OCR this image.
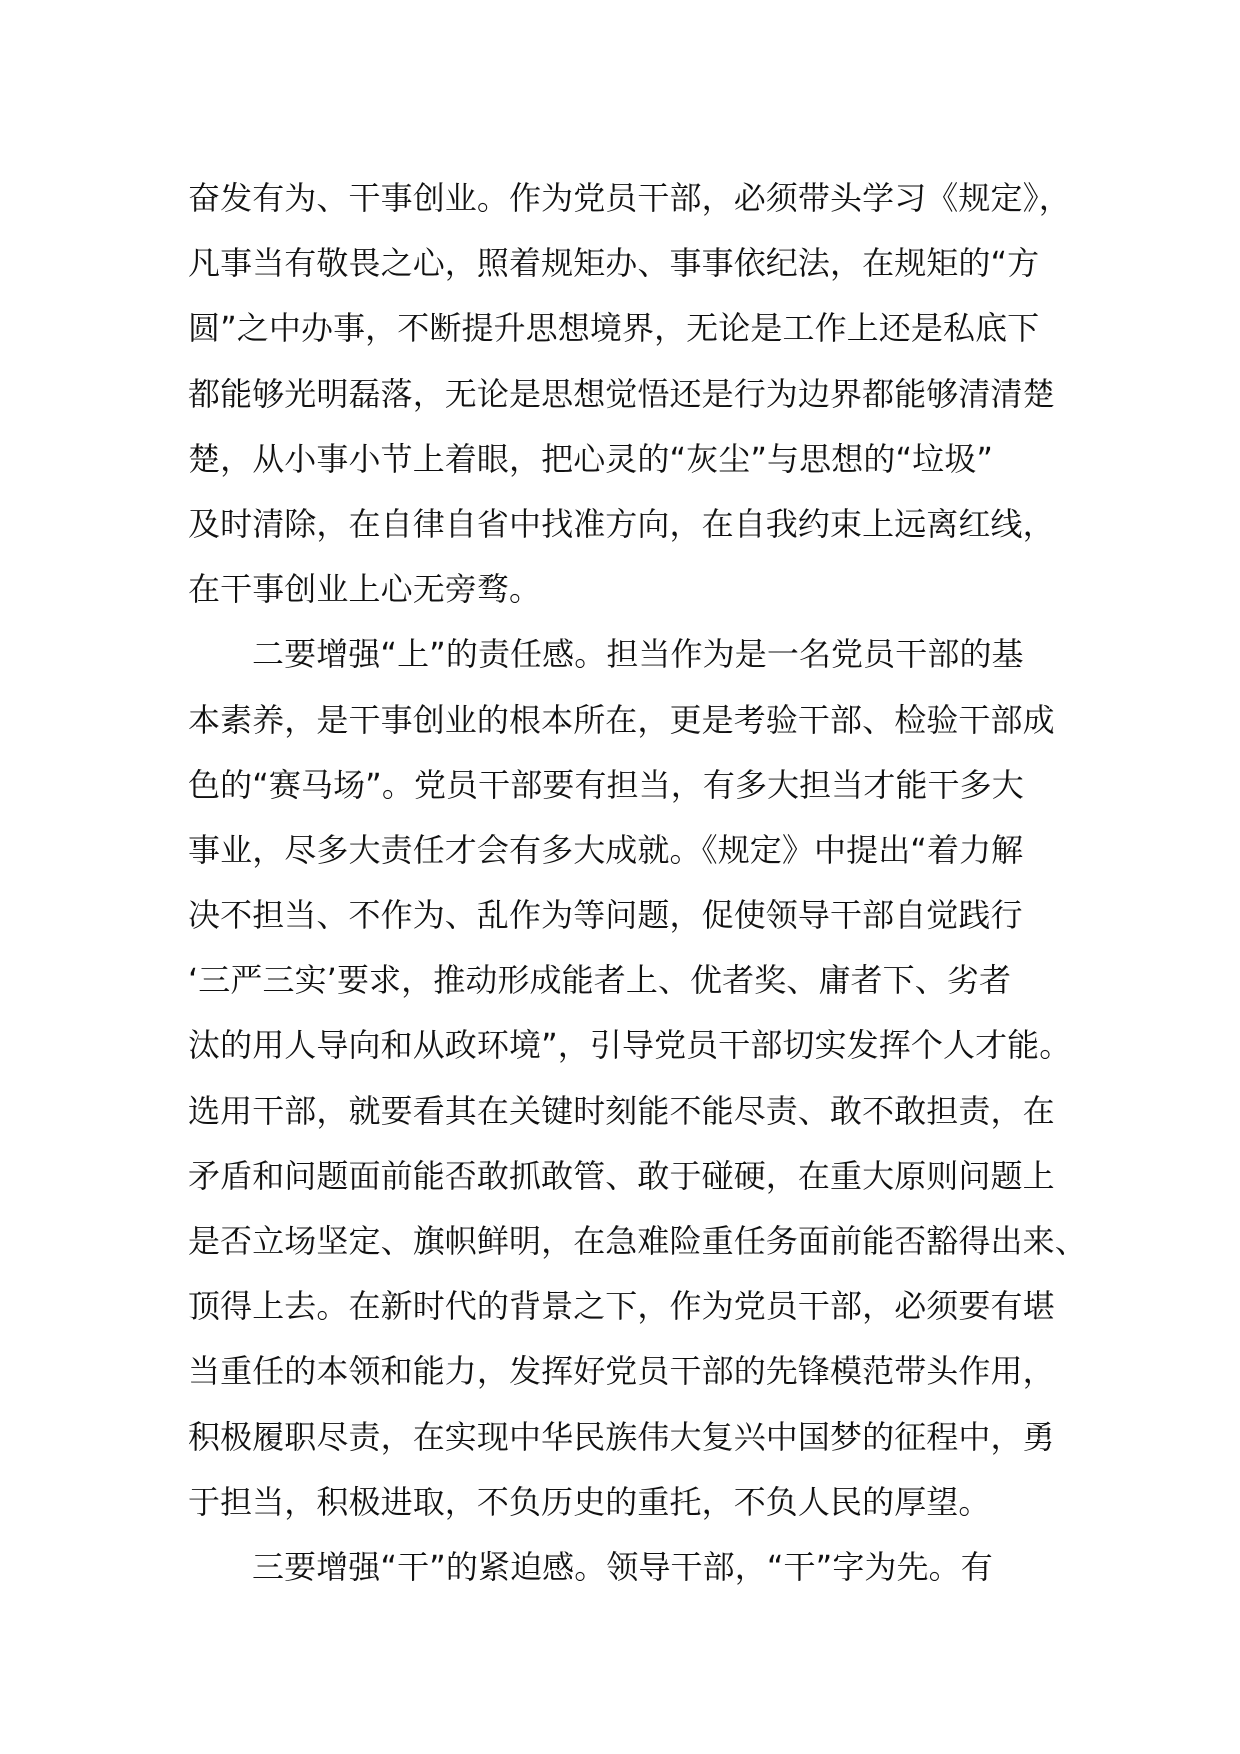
奋发有为、干事创业。作为党员干部，必须带头学习《规定》，
凡事当有敬畏之心，照着规矩办、事事依纪法，在规矩的“方
圆”之中办事，不断提升思想境界，无论是工作上还是私底下
都能够光明磊落，无论是思想觉悟还是行为边界都能够清清楚
楚，从小事小节上着眼，把心灵的“灰尘”与思想的“垃圾”
及时清除，在自律自省中找准方向，在自我约束上远离红线，
在干事创业上心无旁骛。
二要增强“上”的责任感。担当作为是一名党员干部的基
本素养，是干事创业的根本所在，更是考验干部、检验干部成
色的“赛马场”。党员干部要有担当，有多大担当才能干多大
事业，尽多大责任才会有多大成就。《规定》中提出“着力解
决不担当、不作为、乱作为等问题，促使领导干部自觉践行
‘三严三实’要求，推动形成能者上、优者奖、庸者下、劣者
汰的用人导向和从政环境”，引导党员干部切实发挥个人才能。
选用干部，就要看其在关键时刻能不能尽责、敢不敢担责，在
矛盾和问题面前能否敢抓敢管、敢于碰硬，在重大原则问题上
是否立场坚定、旗帜鲜明，在急难险重任务面前能否豁得出来、
顶得上去。在新时代的背景之下，作为党员干部，必须要有堪
当重任的本领和能力，发挥好党员干部的先锋模范带头作用，
积极履职尽责，在实现中华民族伟大复兴中国梦的征程中，勇
于担当，积极进取，不负历史的重托，不负人民的厚望。
三要增强“干”的紧迫感。领导干部，“干”字为先。有
